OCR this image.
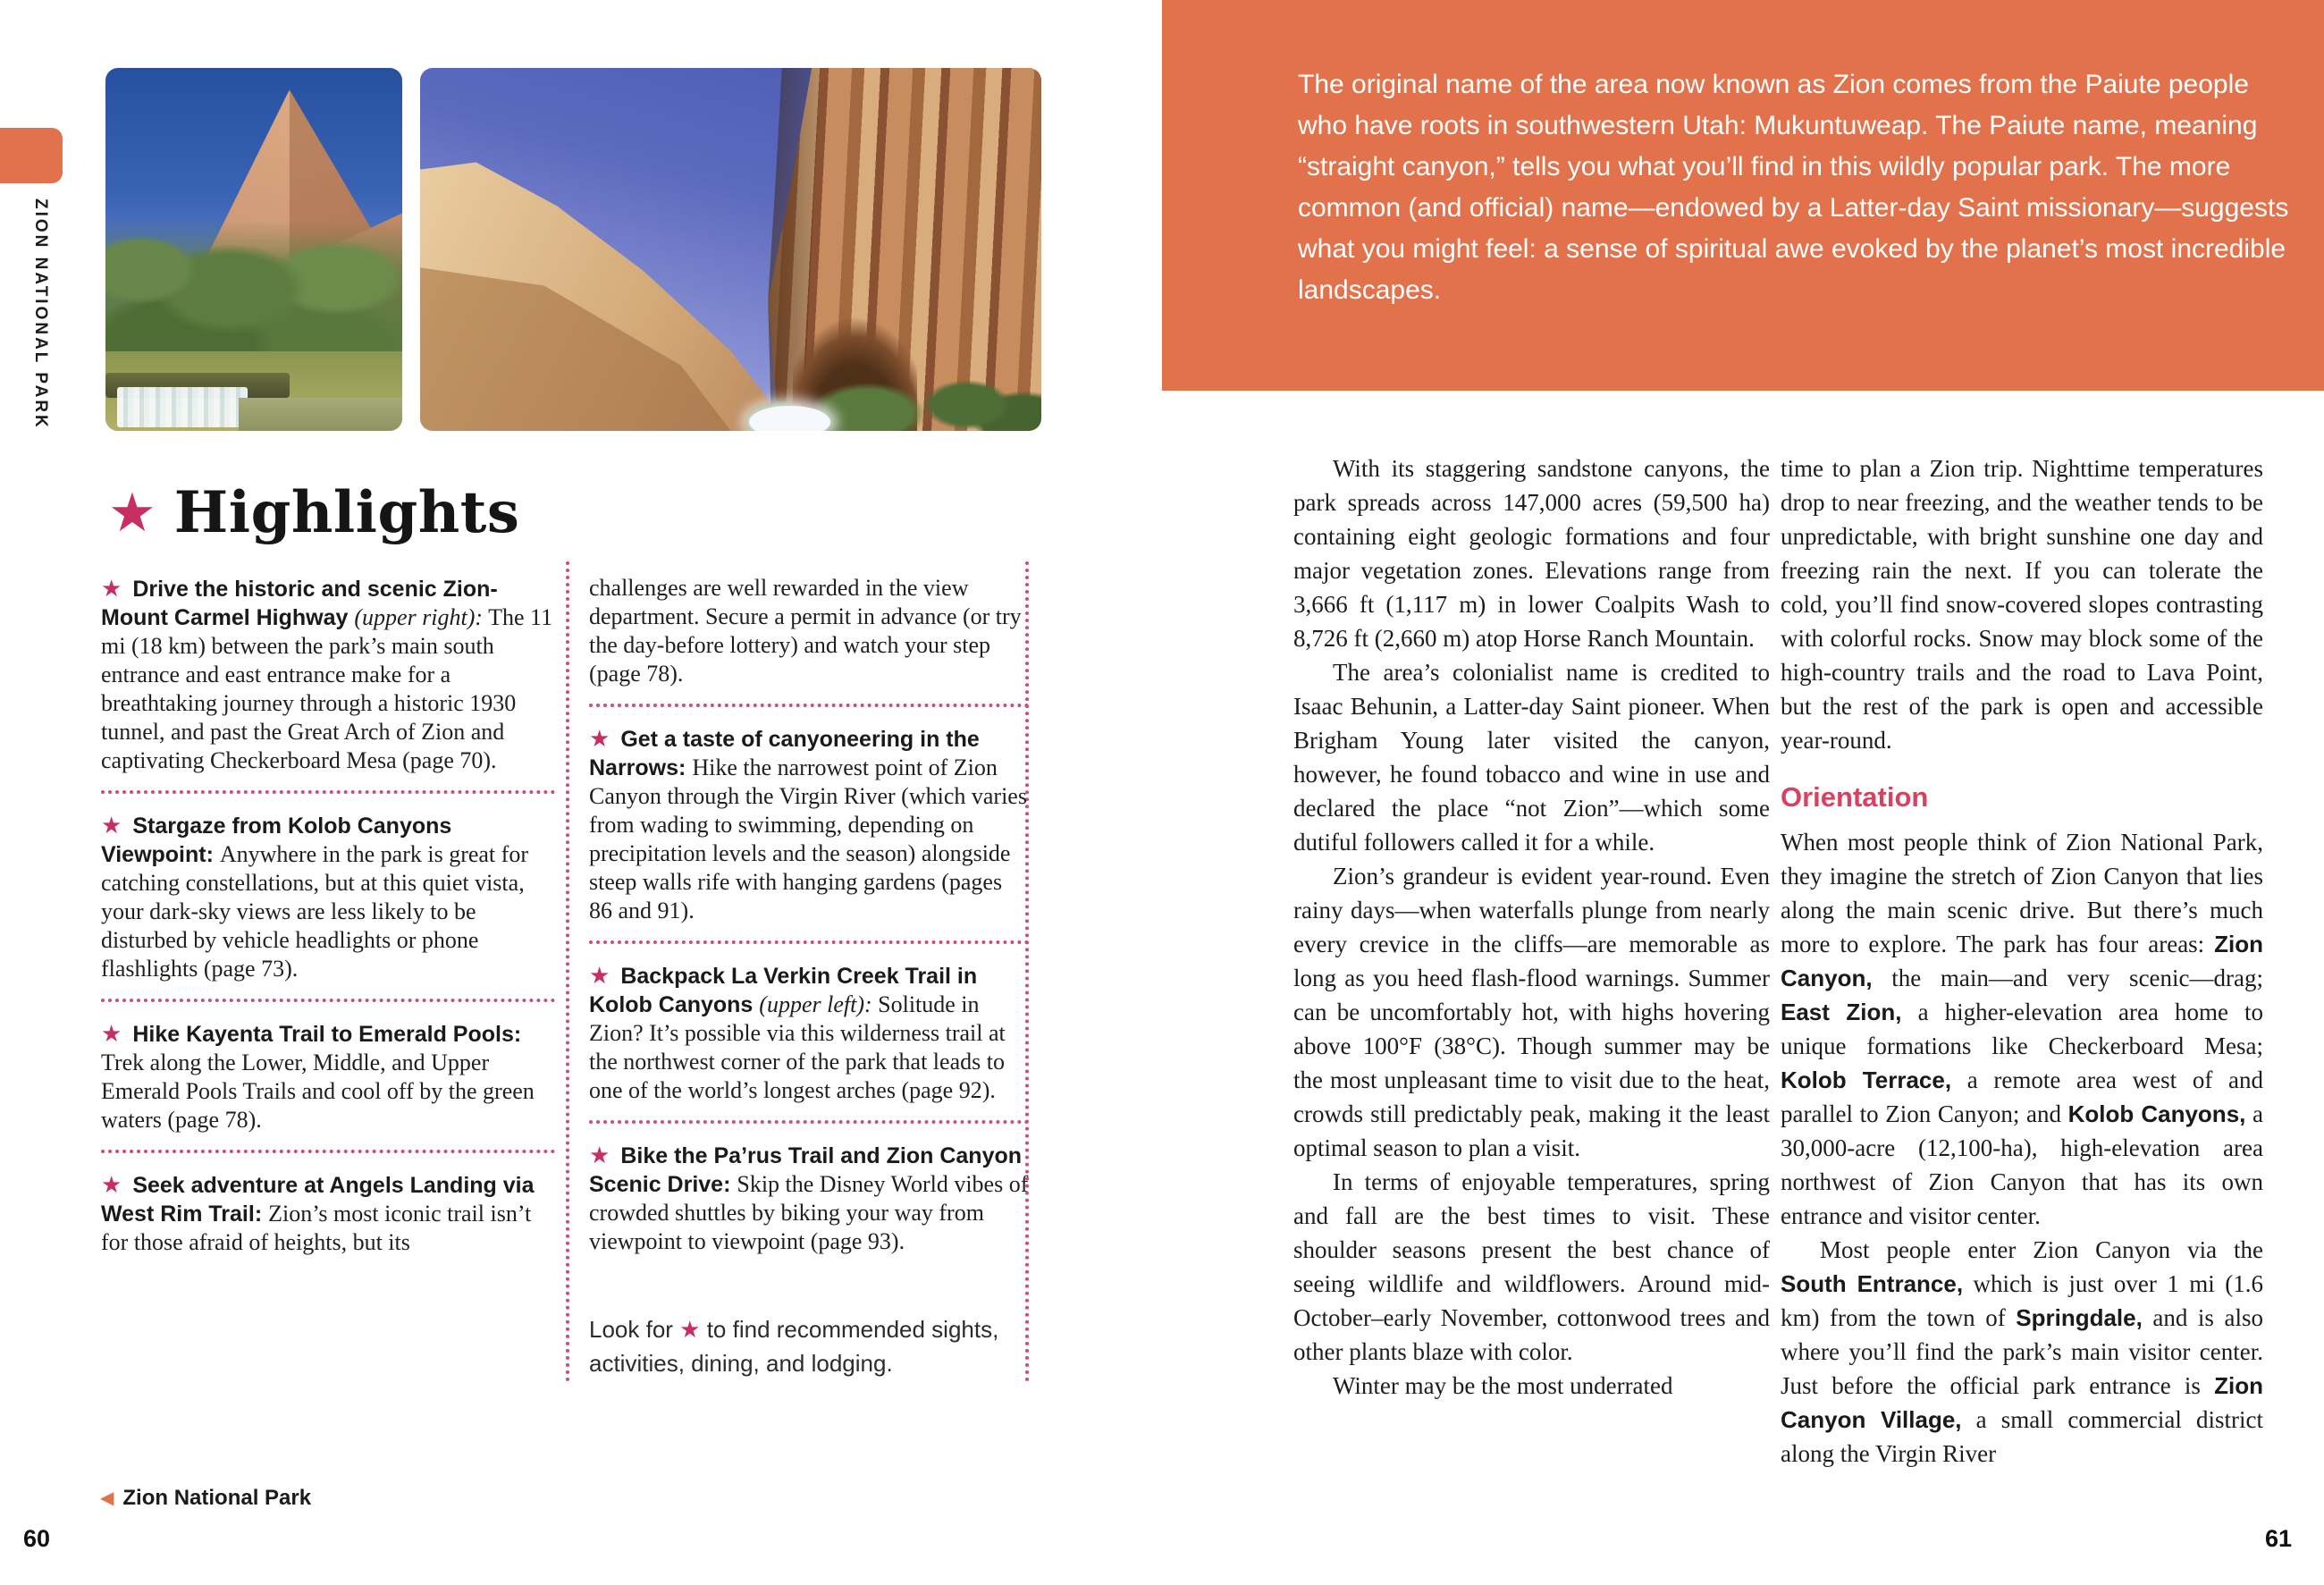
ZION NATIONAL PARK
★ Highlights

★ Drive the historic and scenic Zion-Mount Carmel Highway (upper right): The 11 mi (18 km) between the park’s main south entrance and east entrance make for a breathtaking journey through a historic 1930 tunnel, and past the Great Arch of Zion and captivating Checkerboard Mesa (page 70).

★ Stargaze from Kolob Canyons Viewpoint: Anywhere in the park is great for catching constellations, but at this quiet vista, your dark-sky views are less likely to be disturbed by vehicle headlights or phone flashlights (page 73).

★ Hike Kayenta Trail to Emerald Pools: Trek along the Lower, Middle, and Upper Emerald Pools Trails and cool off by the green waters (page 78).

★ Seek adventure at Angels Landing via West Rim Trail: Zion’s most iconic trail isn’t for those afraid of heights, but its

challenges are well rewarded in the view department. Secure a permit in advance (or try the day-before lottery) and watch your step (page 78).

★ Get a taste of canyoneering in the Narrows: Hike the narrowest point of Zion Canyon through the Virgin River (which varies from wading to swimming, depending on precipitation levels and the season) alongside steep walls rife with hanging gardens (pages 86 and 91).

★ Backpack La Verkin Creek Trail in Kolob Canyons (upper left): Solitude in Zion? It’s possible via this wilderness trail at the northwest corner of the park that leads to one of the world’s longest arches (page 92).

★ Bike the Pa’rus Trail and Zion Canyon Scenic Drive: Skip the Disney World vibes of crowded shuttles by biking your way from viewpoint to viewpoint (page 93).

Look for ★ to find recommended sights, activities, dining, and lodging.

◀ Zion National Park
60	61

The original name of the area now known as Zion comes from the Paiute people who have roots in southwestern Utah: Mukuntuweap. The Paiute name, meaning “straight canyon,” tells you what you’ll find in this wildly popular park. The more common (and official) name—endowed by a Latter-day Saint missionary—suggests what you might feel: a sense of spiritual awe evoked by the planet’s most incredible landscapes.

With its staggering sandstone canyons, the park spreads across 147,000 acres (59,500 ha) containing eight geologic formations and four major vegetation zones. Elevations range from 3,666 ft (1,117 m) in lower Coalpits Wash to 8,726 ft (2,660 m) atop Horse Ranch Mountain.

The area’s colonialist name is credited to Isaac Behunin, a Latter-day Saint pioneer. When Brigham Young later visited the canyon, however, he found tobacco and wine in use and declared the place “not Zion”—which some dutiful followers called it for a while.

Zion’s grandeur is evident year-round. Even rainy days—when waterfalls plunge from nearly every crevice in the cliffs—are memorable as long as you heed flash-flood warnings. Summer can be uncomfortably hot, with highs hovering above 100°F (38°C). Though summer may be the most unpleasant time to visit due to the heat, crowds still predictably peak, making it the least optimal season to plan a visit.

In terms of enjoyable temperatures, spring and fall are the best times to visit. These shoulder seasons present the best chance of seeing wildlife and wildflowers. Around mid-October–early November, cottonwood trees and other plants blaze with color.

Winter may be the most underrated

time to plan a Zion trip. Nighttime temperatures drop to near freezing, and the weather tends to be unpredictable, with bright sunshine one day and freezing rain the next. If you can tolerate the cold, you’ll find snow-covered slopes contrasting with colorful rocks. Snow may block some of the high-country trails and the road to Lava Point, but the rest of the park is open and accessible year-round.

Orientation

When most people think of Zion National Park, they imagine the stretch of Zion Canyon that lies along the main scenic drive. But there’s much more to explore. The park has four areas: Zion Canyon, the main—and very scenic—drag; East Zion, a higher-elevation area home to unique formations like Checkerboard Mesa; Kolob Terrace, a remote area west of and parallel to Zion Canyon; and Kolob Canyons, a 30,000-acre (12,100-ha), high-elevation area northwest of Zion Canyon that has its own entrance and visitor center.

Most people enter Zion Canyon via the South Entrance, which is just over 1 mi (1.6 km) from the town of Springdale, and is also where you’ll find the park’s main visitor center. Just before the official park entrance is Zion Canyon Village, a small commercial district along the Virgin River
